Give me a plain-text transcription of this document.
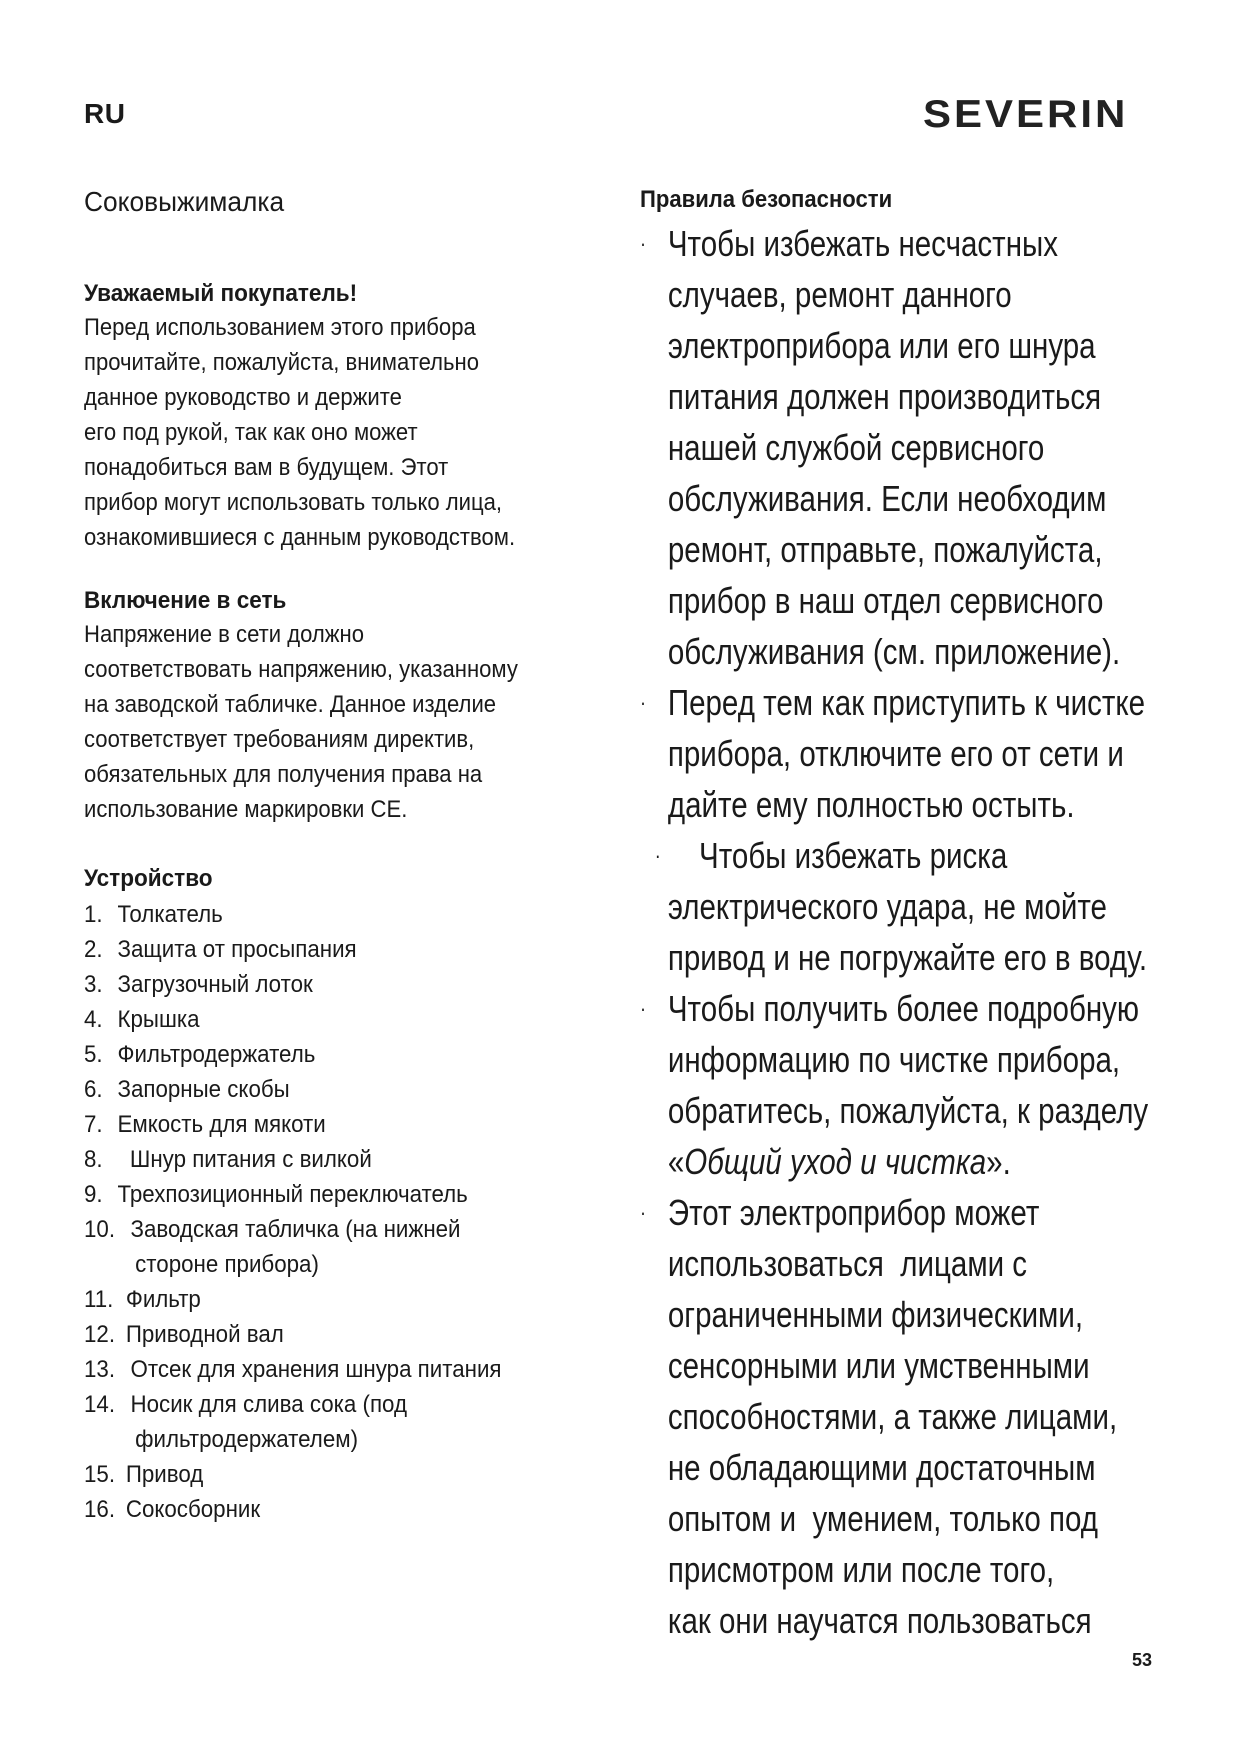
RU	SEVERIN
Соковыжималка
Уважаемый покупатель!
Перед использованием этого прибора
прочитайте, пожалуйста, внимательно
данное руководство и держите
его под рукой, так как оно может
понадобиться вам в будущем. Этот
прибор могут использовать только лица,
ознакомившиеся с данным руководством.
Включение в сеть
Напряжение в сети должно
соответствовать напряжению, указанному
на заводской табличке. Данное изделие
соответствует требованиям директив,
обязательных для получения права на
использование маркировки CE.
Устройство
1. Толкатель
2. Защита от просыпания
3. Загрузочный лоток
4. Крышка
5. Фильтродержатель
6. Запорные скобы
7. Емкость для мякоти
8. Шнур питания с вилкой
9. Трехпозиционный переключатель
10. Заводская табличка (на нижней
стороне прибора)
11. Фильтр
12. Приводной вал
13. Отсек для хранения шнура питания
14. Носик для слива сока (под
фильтродержателем)
15. Привод
16. Сокосборник
Правила безопасности
· Чтобы избежать несчастных
случаев, ремонт данного
электроприбора или его шнура
питания должен производиться
нашей службой сервисного
обслуживания. Если необходим
ремонт, отправьте, пожалуйста,
прибор в наш отдел сервисного
обслуживания (см. приложение).
· Перед тем как приступить к чистке
прибора, отключите его от сети и
дайте ему полностью остыть.
· Чтобы избежать риска
электрического удара, не мойте
привод и не погружайте его в воду.
· Чтобы получить более подробную
информацию по чистке прибора,
обратитесь, пожалуйста, к разделу
«Общий уход и чистка».
· Этот электроприбор может
использоваться  лицами с
ограниченными физическими,
сенсорными или умственными
способностями, а также лицами,
не обладающими достаточным
опытом и  умением, только под
присмотром или после того,
как они научатся пользоваться
53
